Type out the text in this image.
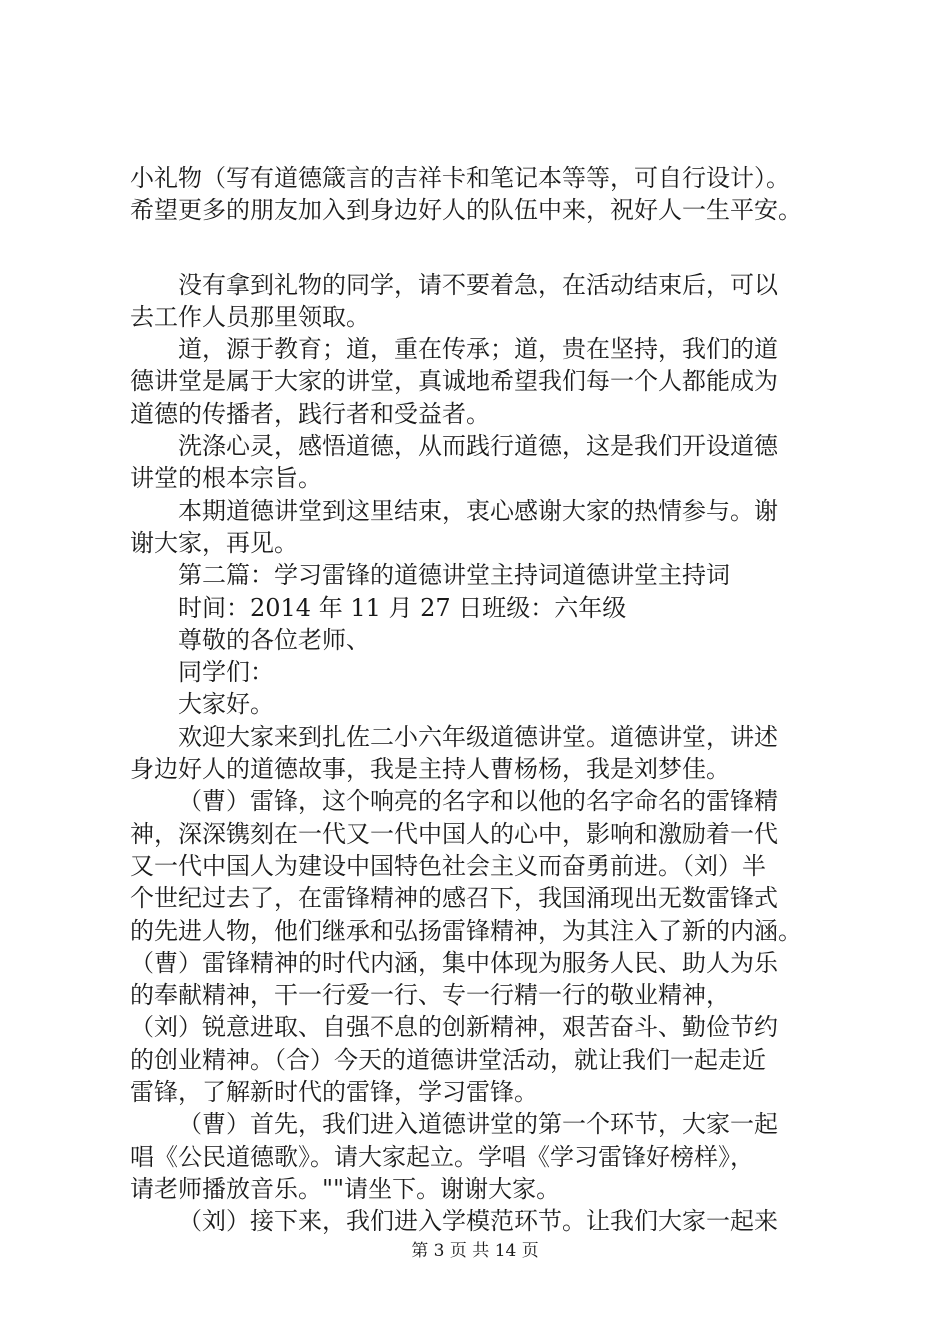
小礼物（写有道德箴言的吉祥卡和笔记本等等，可自行设计）。
希望更多的朋友加入到身边好人的队伍中来，祝好人一生平安。
没有拿到礼物的同学，请不要着急，在活动结束后，可以
去工作人员那里领取。
道，源于教育；道，重在传承；道，贵在坚持，我们的道
德讲堂是属于大家的讲堂，真诚地希望我们每一个人都能成为
道德的传播者，践行者和受益者。
洗涤心灵，感悟道德，从而践行道德，这是我们开设道德
讲堂的根本宗旨。
本期道德讲堂到这里结束，衷心感谢大家的热情参与。谢
谢大家，再见。
第二篇：学习雷锋的道德讲堂主持词道德讲堂主持词
时间：2014 年 11 月 27 日班级：六年级
尊敬的各位老师、
同学们：
大家好。
欢迎大家来到扎佐二小六年级道德讲堂。道德讲堂，讲述
身边好人的道德故事，我是主持人曹杨杨，我是刘梦佳。
（曹）雷锋，这个响亮的名字和以他的名字命名的雷锋精
神，深深镌刻在一代又一代中国人的心中，影响和激励着一代
又一代中国人为建设中国特色社会主义而奋勇前进。（刘）半
个世纪过去了，在雷锋精神的感召下，我国涌现出无数雷锋式
的先进人物，他们继承和弘扬雷锋精神，为其注入了新的内涵。
（曹）雷锋精神的时代内涵，集中体现为服务人民、助人为乐
的奉献精神，干一行爱一行、专一行精一行的敬业精神，
（刘）锐意进取、自强不息的创新精神，艰苦奋斗、勤俭节约
的创业精神。（合）今天的道德讲堂活动，就让我们一起走近
雷锋，了解新时代的雷锋，学习雷锋。
（曹）首先，我们进入道德讲堂的第一个环节，大家一起
唱《公民道德歌》。请大家起立。学唱《学习雷锋好榜样》，
请老师播放音乐。""请坐下。谢谢大家。
（刘）接下来，我们进入学模范环节。让我们大家一起来
第 3 页 共 14 页
